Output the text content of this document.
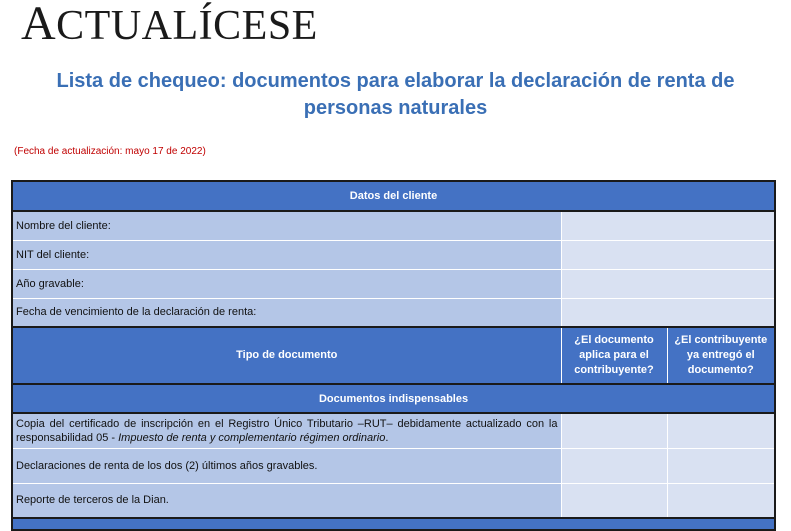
ACTUALÍCESE
Lista de chequeo: documentos para elaborar la declaración de renta de
personas naturales
(Fecha de actualización: mayo 17 de 2022)
Datos del cliente		
Nombre del cliente:		
NIT del cliente:		
Año gravable:		
Fecha de vencimiento de la declaración de renta:		
Tipo de documento	¿El documento aplica para el contribuyente?	¿El contribuyente ya entregó el documento?
Documentos indispensables		
Copia del certificado de inscripción en el Registro Único Tributario –RUT– debidamente actualizado con la responsabilidad 05 - Impuesto de renta y complementario régimen ordinario.		
Declaraciones de renta de los dos (2) últimos años gravables.		
Reporte de terceros de la Dian.		
